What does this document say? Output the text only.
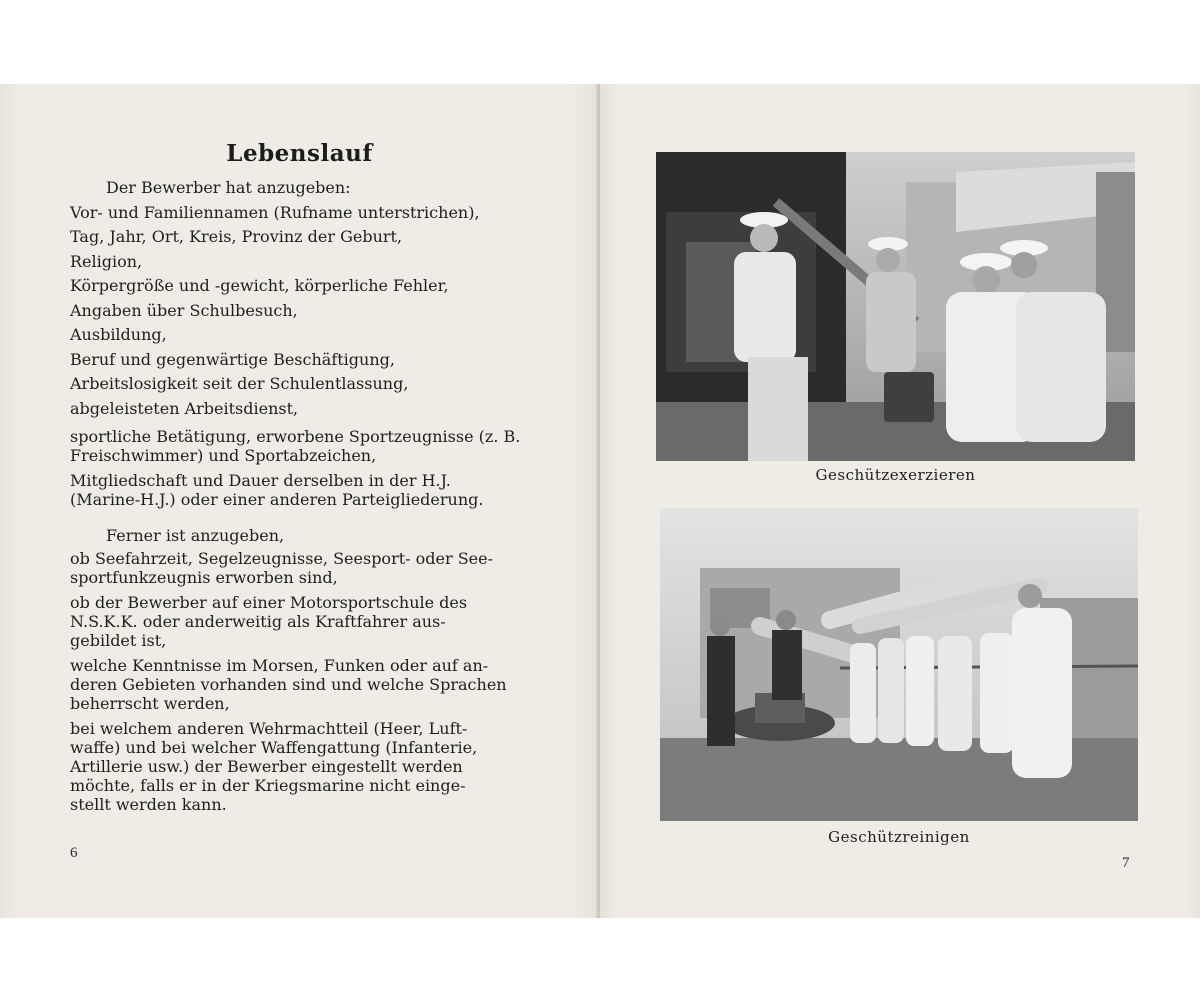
Lebenslauf
Der Bewerber hat anzugeben:
Vor- und Familiennamen (Rufname unterstrichen),
Tag, Jahr, Ort, Kreis, Provinz der Geburt,
Religion,
Körpergröße und -gewicht, körperliche Fehler,
Angaben über Schulbesuch,
Ausbildung,
Beruf und gegenwärtige Beschäftigung,
Arbeitslosigkeit seit der Schulentlassung,
abgeleisteten Arbeitsdienst,
sportliche Betätigung, erworbene Sportzeugnisse (z. B.
Freischwimmer) und Sportabzeichen,
Mitgliedschaft und Dauer derselben in der H.J.
(Marine-H.J.) oder einer anderen Parteigliederung.
Ferner ist anzugeben,
ob Seefahrzeit, Segelzeugnisse, Seesport- oder See-
sportfunkzeugnis erworben sind,
ob der Bewerber auf einer Motorsportschule des
N.S.K.K. oder anderweitig als Kraftfahrer aus-
gebildet ist,
welche Kenntnisse im Morsen, Funken oder auf an-
deren Gebieten vorhanden sind und welche Sprachen
beherrscht werden,
bei welchem anderen Wehrmachtteil (Heer, Luft-
waffe) und bei welcher Waffengattung (Infanterie,
Artillerie usw.) der Bewerber eingestellt werden
möchte, falls er in der Kriegsmarine nicht einge-
stellt werden kann.
6
Geschützexerzieren
Geschützreinigen
7
